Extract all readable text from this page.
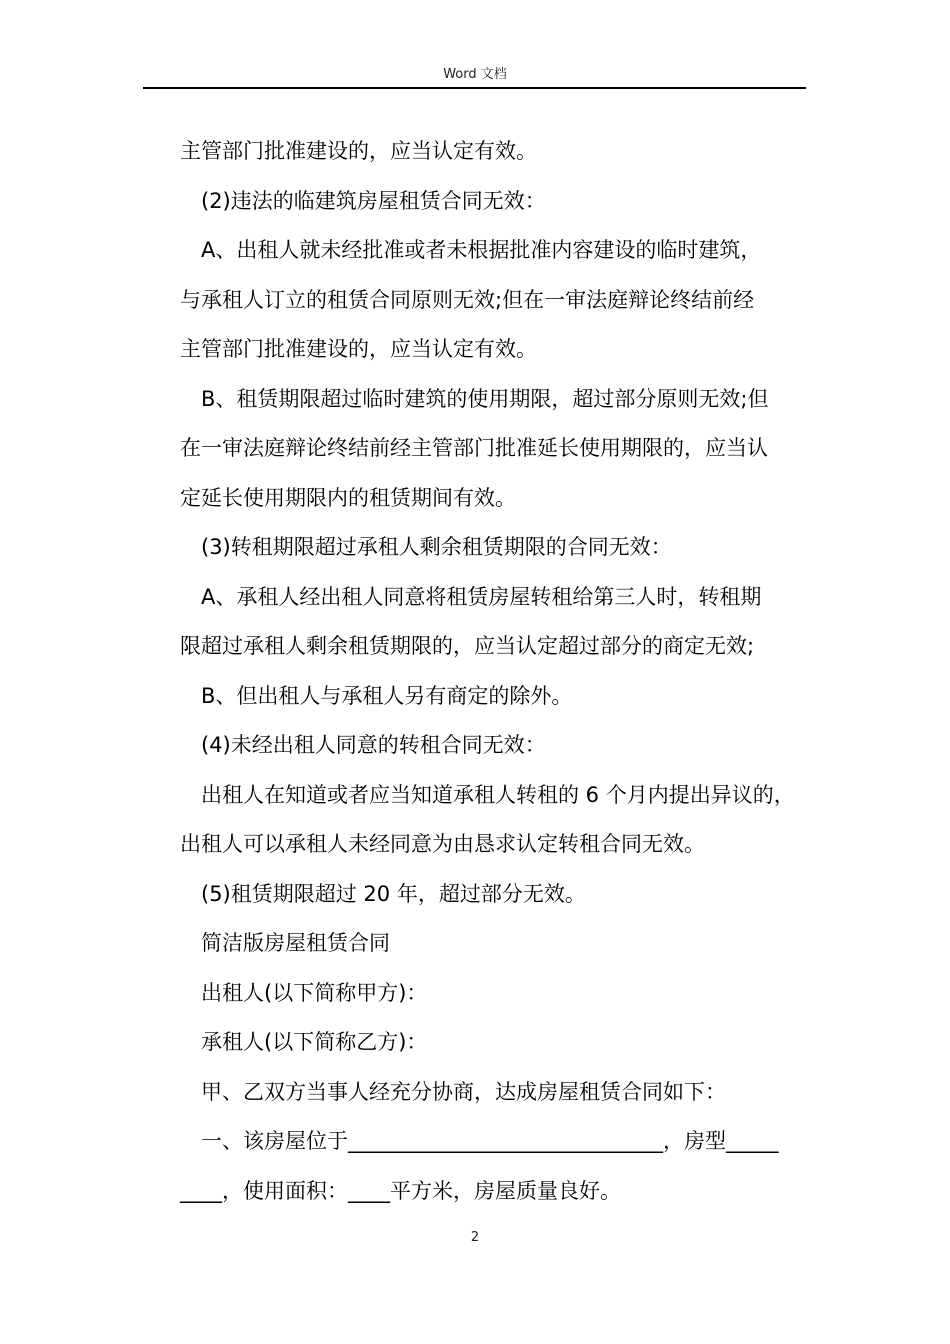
Word 文档
主管部门批准建设的，应当认定有效。
(2)违法的临建筑房屋租赁合同无效：
A、出租人就未经批准或者未根据批准内容建设的临时建筑，
与承租人订立的租赁合同原则无效;但在一审法庭辩论终结前经
主管部门批准建设的，应当认定有效。
B、租赁期限超过临时建筑的使用期限，超过部分原则无效;但
在一审法庭辩论终结前经主管部门批准延长使用期限的，应当认
定延长使用期限内的租赁期间有效。
(3)转租期限超过承租人剩余租赁期限的合同无效：
A、承租人经出租人同意将租赁房屋转租给第三人时，转租期
限超过承租人剩余租赁期限的，应当认定超过部分的商定无效;
B、但出租人与承租人另有商定的除外。
(4)未经出租人同意的转租合同无效：
出租人在知道或者应当知道承租人转租的 6 个月内提出异议的，
出租人可以承租人未经同意为由恳求认定转租合同无效。
(5)租赁期限超过 20 年，超过部分无效。
简洁版房屋租赁合同
出租人(以下简称甲方)：
承租人(以下简称乙方)：
甲、乙双方当事人经充分协商，达成房屋租赁合同如下：
一、该房屋位于______________________________，房型_____
____，使用面积：____平方米，房屋质量良好。
2
